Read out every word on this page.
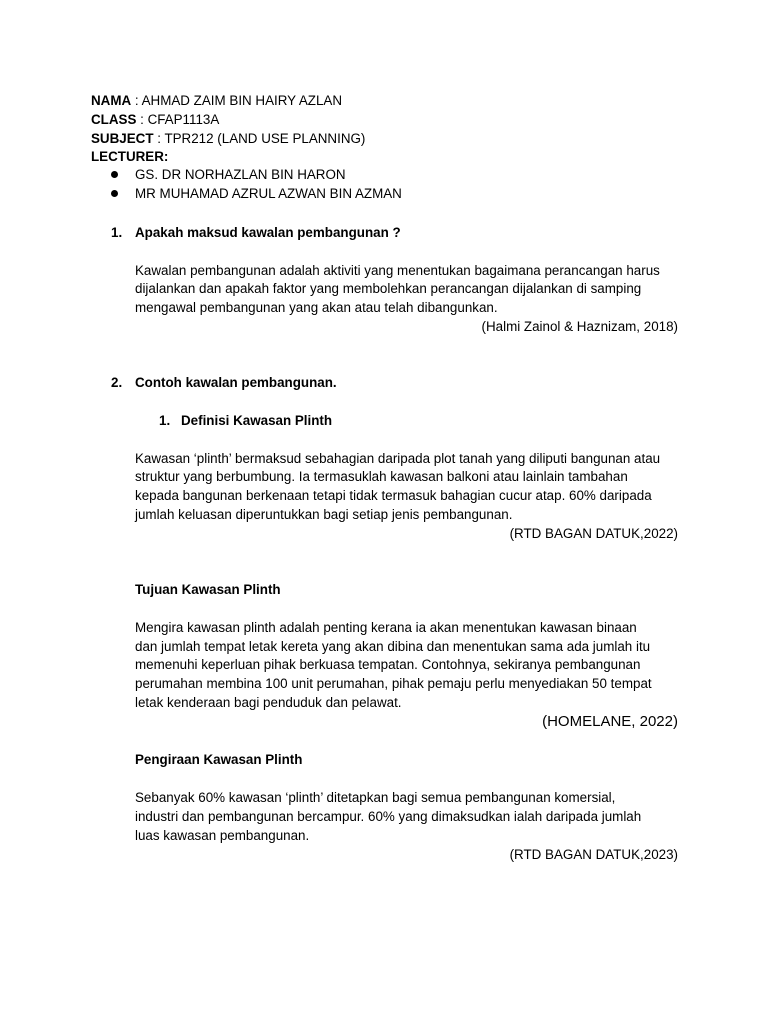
NAMA : AHMAD ZAIM BIN HAIRY AZLAN
CLASS : CFAP1113A
SUBJECT : TPR212 (LAND USE PLANNING)
LECTURER:
GS. DR NORHAZLAN BIN HARON
MR MUHAMAD AZRUL AZWAN BIN AZMAN
1. Apakah maksud kawalan pembangunan ?
Kawalan pembangunan adalah aktiviti yang menentukan bagaimana perancangan harus
dijalankan dan apakah faktor yang membolehkan perancangan dijalankan di samping
mengawal pembangunan yang akan atau telah dibangunkan.
(Halmi Zainol & Haznizam, 2018)
2. Contoh kawalan pembangunan.
1. Definisi Kawasan Plinth
Kawasan ‘plinth’ bermaksud sebahagian daripada plot tanah yang diliputi bangunan atau
struktur yang berbumbung. Ia termasuklah kawasan balkoni atau lainlain tambahan
kepada bangunan berkenaan tetapi tidak termasuk bahagian cucur atap. 60% daripada
jumlah keluasan diperuntukkan bagi setiap jenis pembangunan.
(RTD BAGAN DATUK,2022)
Tujuan Kawasan Plinth
Mengira kawasan plinth adalah penting kerana ia akan menentukan kawasan binaan
dan jumlah tempat letak kereta yang akan dibina dan menentukan sama ada jumlah itu
memenuhi keperluan pihak berkuasa tempatan. Contohnya, sekiranya pembangunan
perumahan membina 100 unit perumahan, pihak pemaju perlu menyediakan 50 tempat
letak kenderaan bagi penduduk dan pelawat.
(HOMELANE, 2022)
Pengiraan Kawasan Plinth
Sebanyak 60% kawasan ‘plinth’ ditetapkan bagi semua pembangunan komersial,
industri dan pembangunan bercampur. 60% yang dimaksudkan ialah daripada jumlah
luas kawasan pembangunan.
(RTD BAGAN DATUK,2023)
